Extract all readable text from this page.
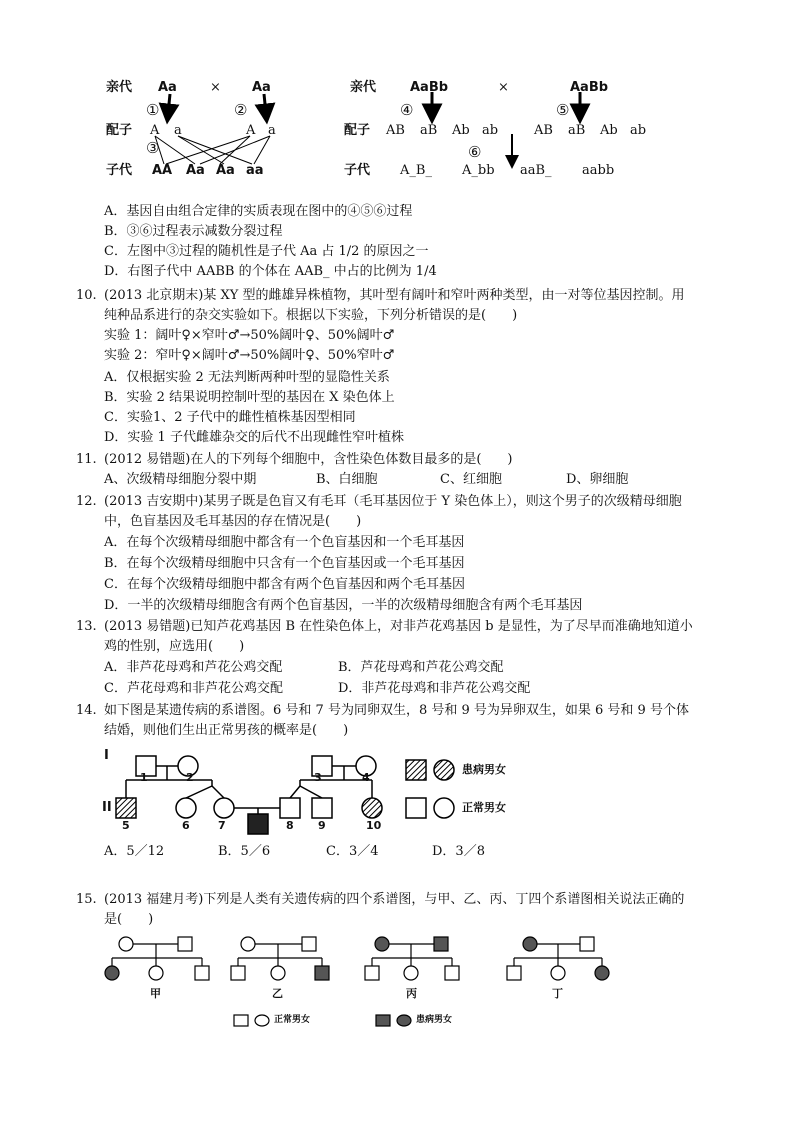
亲代 Aa	× Aa
①	②
配子 A a	A a
③
子代 AA Aa Aa aa
亲代	AaBb	×	AaBb
④	⑤
配子 AB aB Ab ab	AB aB Ab ab
⑥
子代 A_B_ A_bb aaB_ aabb
A．基因自由组合定律的实质表现在图中的④⑤⑥过程
B．③⑥过程表示减数分裂过程
C．左图中③过程的随机性是子代 Aa 占 1/2 的原因之一
D．右图子代中 AABB 的个体在 AAB_ 中占的比例为 1/4
10. (2013 北京期末)某 XY 型的雌雄异株植物，其叶型有阔叶和窄叶两种类型，由一对等位基因控制。用
纯种品系进行的杂交实验如下。根据以下实验，下列分析错误的是(　　)
实验 1：阔叶♀×窄叶♂→50%阔叶♀、50%阔叶♂
实验 2：窄叶♀×阔叶♂→50%阔叶♀、50%窄叶♂
A．仅根据实验 2 无法判断两种叶型的显隐性关系
B．实验 2 结果说明控制叶型的基因在 X 染色体上
C．实验1、2 子代中的雌性植株基因型相同
D．实验 1 子代雌雄杂交的后代不出现雌性窄叶植株
11. (2012 易错题)在人的下列每个细胞中，含性染色体数目最多的是(　　)
A、次级精母细胞分裂中期	B、白细胞	C、红细胞	D、卵细胞
12. (2013 吉安期中)某男子既是色盲又有毛耳（毛耳基因位于 Y 染色体上），则这个男子的次级精母细胞
中，色盲基因及毛耳基因的存在情况是(　　)
A．在每个次级精母细胞中都含有一个色盲基因和一个毛耳基因
B．在每个次级精母细胞中只含有一个色盲基因或一个毛耳基因
C．在每个次级精母细胞中都含有两个色盲基因和两个毛耳基因
D．一半的次级精母细胞含有两个色盲基因，一半的次级精母细胞含有两个毛耳基因
13. (2013 易错题)已知芦花鸡基因 B 在性染色体上，对非芦花鸡基因 b 是显性，为了尽早而准确地知道小
鸡的性别，应选用(　　)
A．非芦花母鸡和芦花公鸡交配	B．芦花母鸡和芦花公鸡交配
C．芦花母鸡和非芦花公鸡交配	D．非芦花母鸡和非芦花公鸡交配
14. 如下图是某遗传病的系谱图。6 号和 7 号为同卵双生，8 号和 9 号为异卵双生，如果 6 号和 9 号个体
结婚，则他们生出正常男孩的概率是(　　)
I
II
1	2	3	4
5	6	7	8 9	10
患病男女
正常男女
A．5／12	B．5／6	C．3／4	D．3／8
15. (2013 福建月考)下列是人类有关遗传病的四个系谱图，与甲、乙、丙、丁四个系谱图相关说法正确的
是(　　)
甲	乙	丙	丁
正常男女	患病男女
